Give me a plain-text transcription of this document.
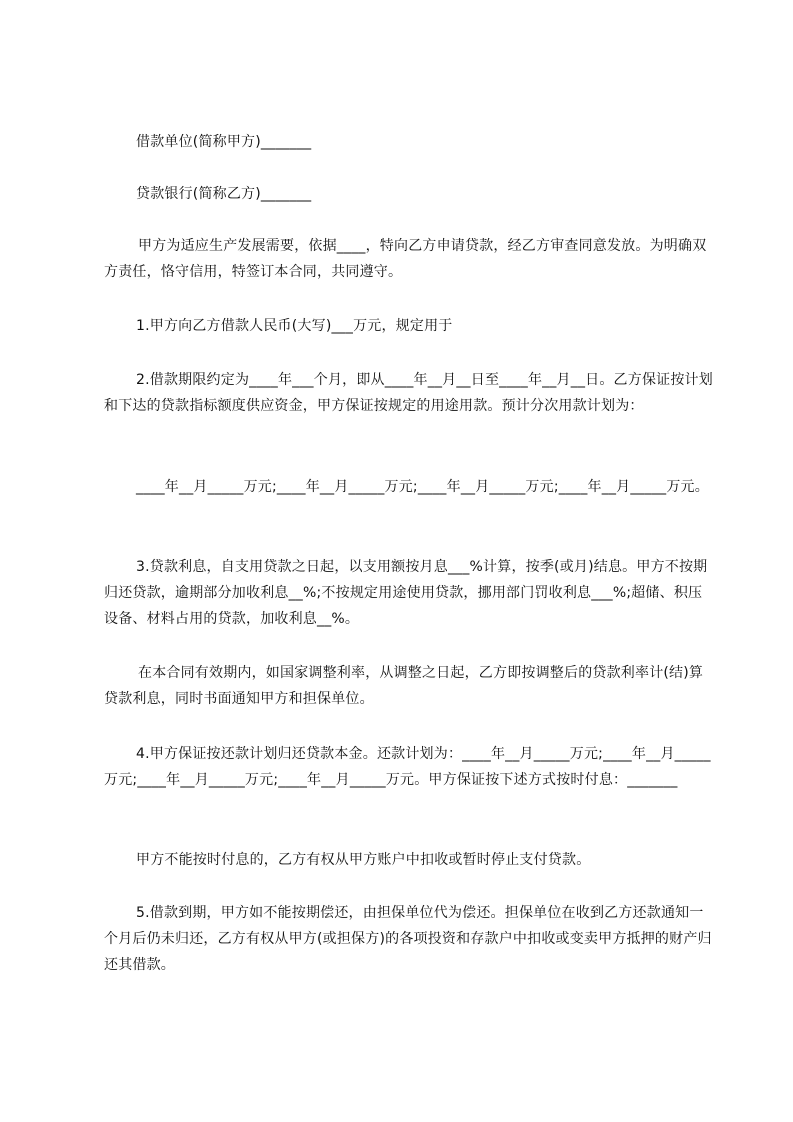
借款单位(简称甲方)_______

贷款银行(简称乙方)_______

甲方为适应生产发展需要，依据____，特向乙方申请贷款，经乙方审查同意发放。为明确双方责任，恪守信用，特签订本合同，共同遵守。

1.甲方向乙方借款人民币(大写)___万元，规定用于

2.借款期限约定为____年___个月，即从____年__月__日至____年__月__日。乙方保证按计划和下达的贷款指标额度供应资金，甲方保证按规定的用途用款。预计分次用款计划为：

____年__月_____万元;____年__月_____万元;____年__月_____万元;____年__月_____万元。

3.贷款利息，自支用贷款之日起，以支用额按月息___%计算，按季(或月)结息。甲方不按期归还贷款，逾期部分加收利息__%;不按规定用途使用贷款，挪用部门罚收利息___%;超储、积压设备、材料占用的贷款，加收利息__%。

在本合同有效期内，如国家调整利率，从调整之日起，乙方即按调整后的贷款利率计(结)算贷款利息，同时书面通知甲方和担保单位。

4.甲方保证按还款计划归还贷款本金。还款计划为：____年__月_____万元;____年__月_____万元;____年__月_____万元;____年__月_____万元。甲方保证按下述方式按时付息：_______

甲方不能按时付息的，乙方有权从甲方账户中扣收或暂时停止支付贷款。

5.借款到期，甲方如不能按期偿还，由担保单位代为偿还。担保单位在收到乙方还款通知一个月后仍未归还，乙方有权从甲方(或担保方)的各项投资和存款户中扣收或变卖甲方抵押的财产归还其借款。
